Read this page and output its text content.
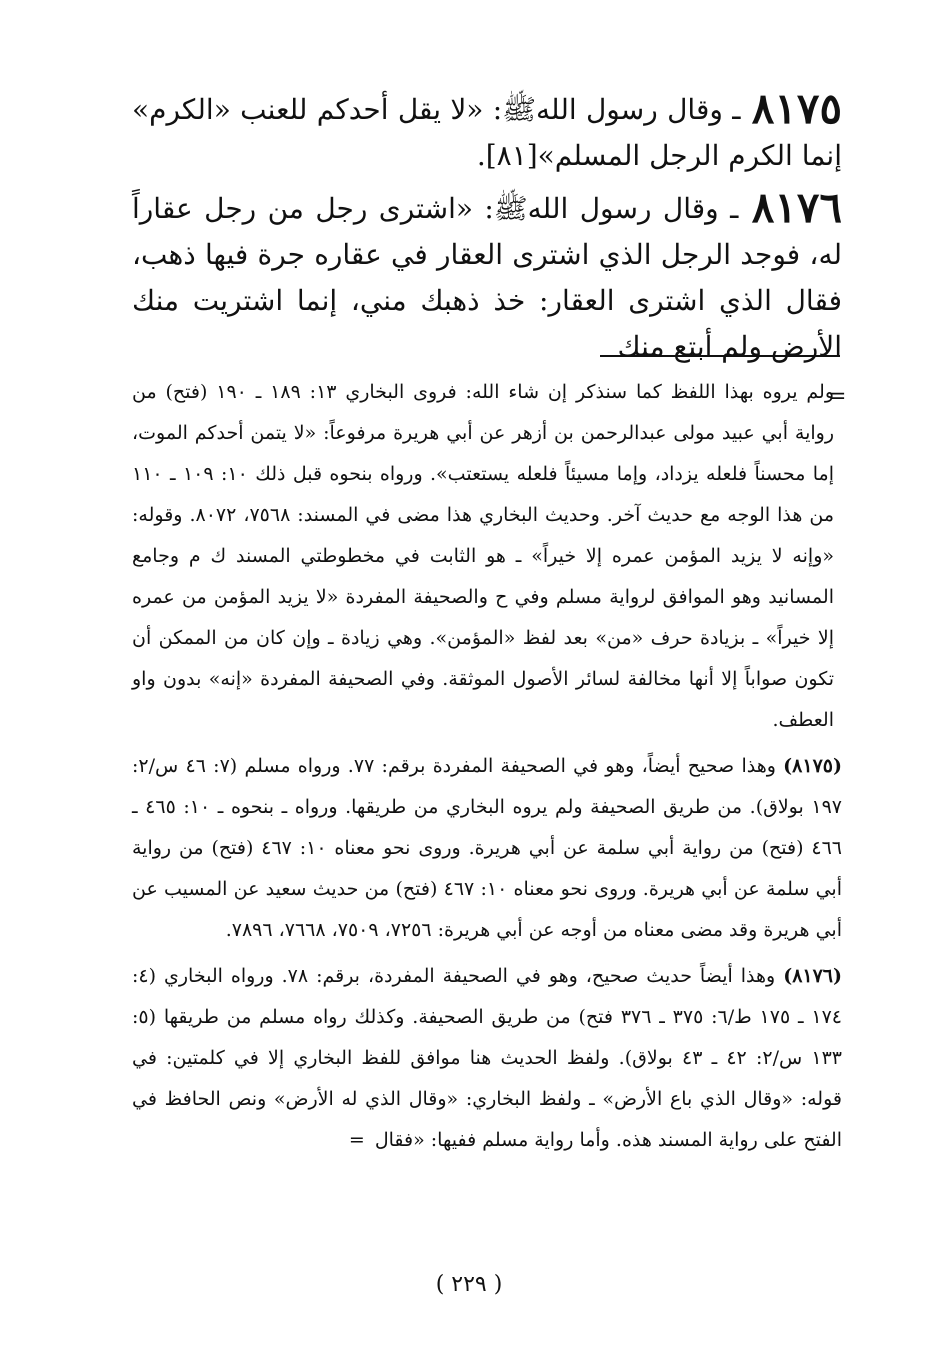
٨١٧٥ ـ وقال رسول اللهﷺ: «لا يقل أحدكم للعنب «الكرم» إنما الكرم الرجل المسلم»[٨١].

٨١٧٦ ـ وقال رسول اللهﷺ: «اشترى رجل من رجل عقاراً له، فوجد الرجل الذي اشترى العقار في عقاره جرة فيها ذهب، فقال الذي اشترى العقار: خذ ذهبك مني، إنما اشتريت منك الأرض ولم أبتع منك

=

ولم يروه بهذا اللفظ كما سنذكر إن شاء الله: فروى البخاري ١٣: ١٨٩ ـ ١٩٠ (فتح) من رواية أبي عبيد مولى عبدالرحمن بن أزهر عن أبي هريرة مرفوعاً: «لا يتمن أحدكم الموت، إما محسناً فلعله يزداد، وإما مسيئاً فلعله يستعتب». ورواه بنحوه قبل ذلك ١٠: ١٠٩ ـ ١١٠ من هذا الوجه مع حديث آخر. وحديث البخاري هذا مضى في المسند: ٧٥٦٨، ٨٠٧٢. وقوله: «وإنه لا يزيد المؤمن عمره إلا خيراً» ـ هو الثابت في مخطوطتي المسند ك م وجامع المسانيد وهو الموافق لرواية مسلم وفي ح والصحيفة المفردة «لا يزيد المؤمن من عمره إلا خيراً» ـ بزيادة حرف «من» بعد لفظ «المؤمن». وهي زيادة ـ وإن كان من الممكن أن تكون صواباً إلا أنها مخالفة لسائر الأصول الموثقة. وفي الصحيفة المفردة «إنه» بدون واو العطف.

(٨١٧٥) وهذا صحيح أيضاً، وهو في الصحيفة المفردة برقم: ٧٧. ورواه مسلم (٧: ٤٦ س/٢: ١٩٧ بولاق). من طريق الصحيفة ولم يروه البخاري من طريقها. ورواه ـ بنحوه ـ ١٠: ٤٦٥ ـ ٤٦٦ (فتح) من رواية أبي سلمة عن أبي هريرة. وروى نحو معناه ١٠: ٤٦٧ (فتح) من رواية أبي سلمة عن أبي هريرة. وروى نحو معناه ١٠: ٤٦٧ (فتح) من حديث سعيد عن المسيب عن أبي هريرة وقد مضى معناه من أوجه عن أبي هريرة: ٧٢٥٦، ٧٥٠٩، ٧٦٦٨، ٧٨٩٦.

(٨١٧٦) وهذا أيضاً حديث صحيح، وهو في الصحيفة المفردة، برقم: ٧٨. ورواه البخاري (٤: ١٧٤ ـ ١٧٥ ط/٦: ٣٧٥ ـ ٣٧٦ فتح) من طريق الصحيفة. وكذلك رواه مسلم من طريقها (٥: ١٣٣ س/٢: ٤٢ ـ ٤٣ بولاق). ولفظ الحديث هنا موافق للفظ البخاري إلا في كلمتين: في قوله: «وقال الذي باع الأرض» ـ ولفظ البخاري: «وقال الذي له الأرض» ونص الحافظ في الفتح على رواية المسند هذه. وأما رواية مسلم ففيها: «فقال =

( ٢٢٩ )
